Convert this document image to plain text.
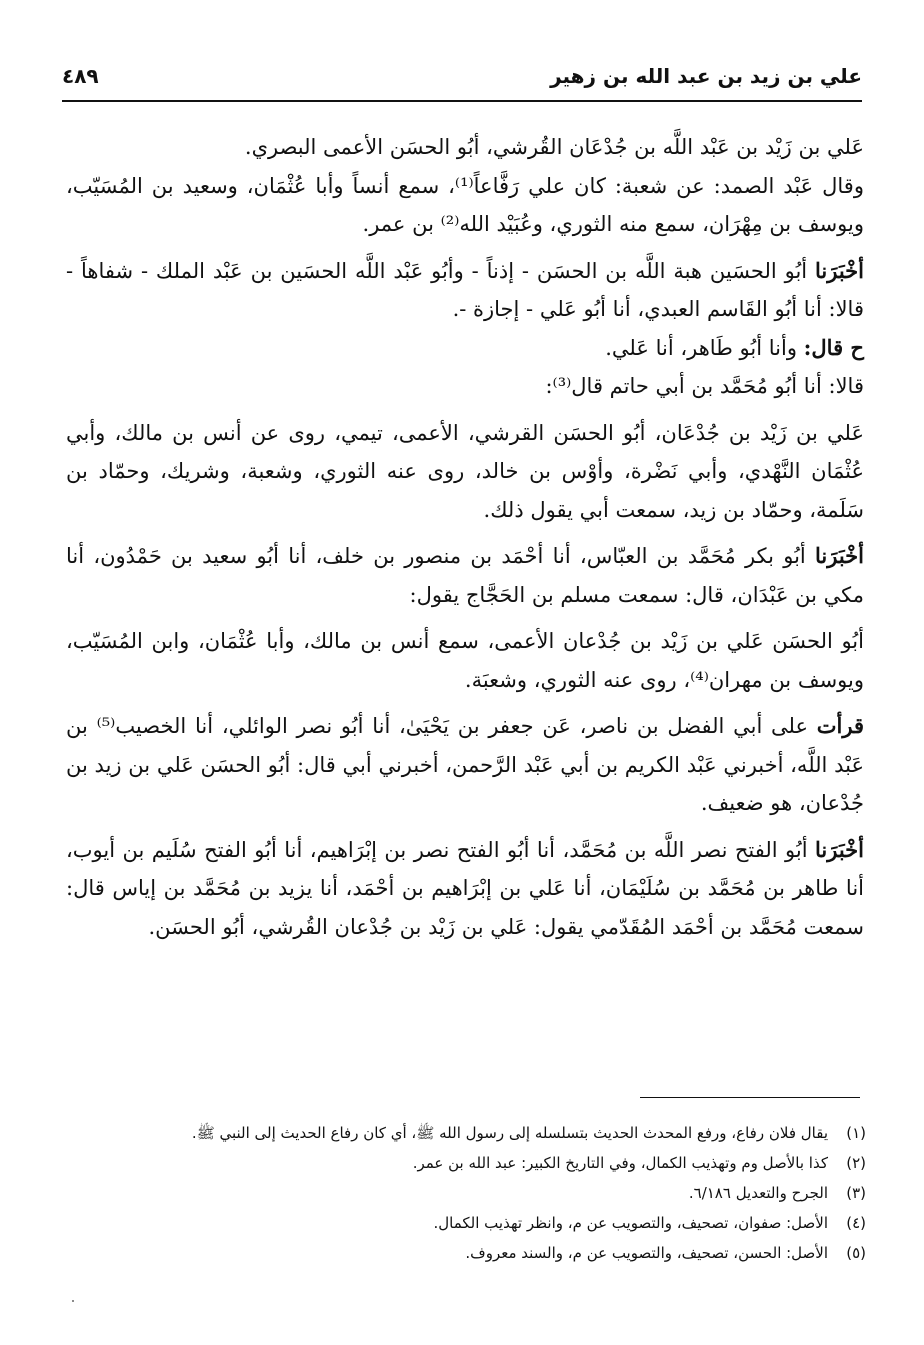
علي بن زيد بن عبد الله بن زهير
٤٨٩

عَلي بن زَيْد بن عَبْد اللَّه بن جُدْعَان القُرشي، أبُو الحسَن الأعمى البصري.

وقال عَبْد الصمد: عن شعبة: كان علي رَفَّاعاً⁽¹⁾، سمع أنساً وأبا عُثْمَان، وسعيد بن المُسَيّب، ويوسف بن مِهْرَان، سمع منه الثوري، وعُبَيْد الله⁽²⁾ بن عمر.

أخْبَرَنا أبُو الحسَين هبة اللَّه بن الحسَن - إذناً - وأبُو عَبْد اللَّه الحسَين بن عَبْد الملك - شفاهاً - قالا: أنا أبُو القَاسم العبدي، أنا أبُو عَلي - إجازة -.

ح قال: وأنا أبُو طَاهر، أنا عَلي.

قالا: أنا أبُو مُحَمَّد بن أبي حاتم قال⁽³⁾:

عَلي بن زَيْد بن جُدْعَان، أبُو الحسَن القرشي، الأعمى، تيمي، روى عن أنس بن مالك، وأبي عُثْمَان النَّهْدي، وأبي نَضْرة، وأوْس بن خالد، روى عنه الثوري، وشعبة، وشريك، وحمّاد بن سَلَمة، وحمّاد بن زيد، سمعت أبي يقول ذلك.

أخْبَرَنا أبُو بكر مُحَمَّد بن العبّاس، أنا أحْمَد بن منصور بن خلف، أنا أبُو سعيد بن حَمْدُون، أنا مكي بن عَبْدَان، قال: سمعت مسلم بن الحَجَّاج يقول:

أبُو الحسَن عَلي بن زَيْد بن جُدْعان الأعمى، سمع أنس بن مالك، وأبا عُثْمَان، وابن المُسَيّب، ويوسف بن مهران⁽⁴⁾، روى عنه الثوري، وشعبَة.

قرأت على أبي الفضل بن ناصر، عَن جعفر بن يَحْيَىٰ، أنا أبُو نصر الوائلي، أنا الخصيب⁽⁵⁾ بن عَبْد اللَّه، أخبرني عَبْد الكريم بن أبي عَبْد الرَّحمن، أخبرني أبي قال: أبُو الحسَن عَلي بن زيد بن جُدْعان، هو ضعيف.

أخْبَرَنا أبُو الفتح نصر اللَّه بن مُحَمَّد، أنا أبُو الفتح نصر بن إبْرَاهيم، أنا أبُو الفتح سُلَيم بن أيوب، أنا طاهر بن مُحَمَّد بن سُلَيْمَان، أنا عَلي بن إبْرَاهيم بن أحْمَد، أنا يزيد بن مُحَمَّد بن إياس قال: سمعت مُحَمَّد بن أحْمَد المُقَدّمي يقول: عَلي بن زَيْد بن جُدْعان القُرشي، أبُو الحسَن.

(١)
يقال فلان رفاع، ورفع المحدث الحديث بتسلسله إلى رسول الله ﷺ، أي كان رفاع الحديث إلى النبي ﷺ.
(٢)
كذا بالأصل وم وتهذيب الكمال، وفي التاريخ الكبير: عبد الله بن عمر.
(٣)
الجرح والتعديل ٦/١٨٦.
(٤)
الأصل: صفوان، تصحيف، والتصويب عن م، وانظر تهذيب الكمال.
(٥)
الأصل: الحسن، تصحيف، والتصويب عن م، والسند معروف.
